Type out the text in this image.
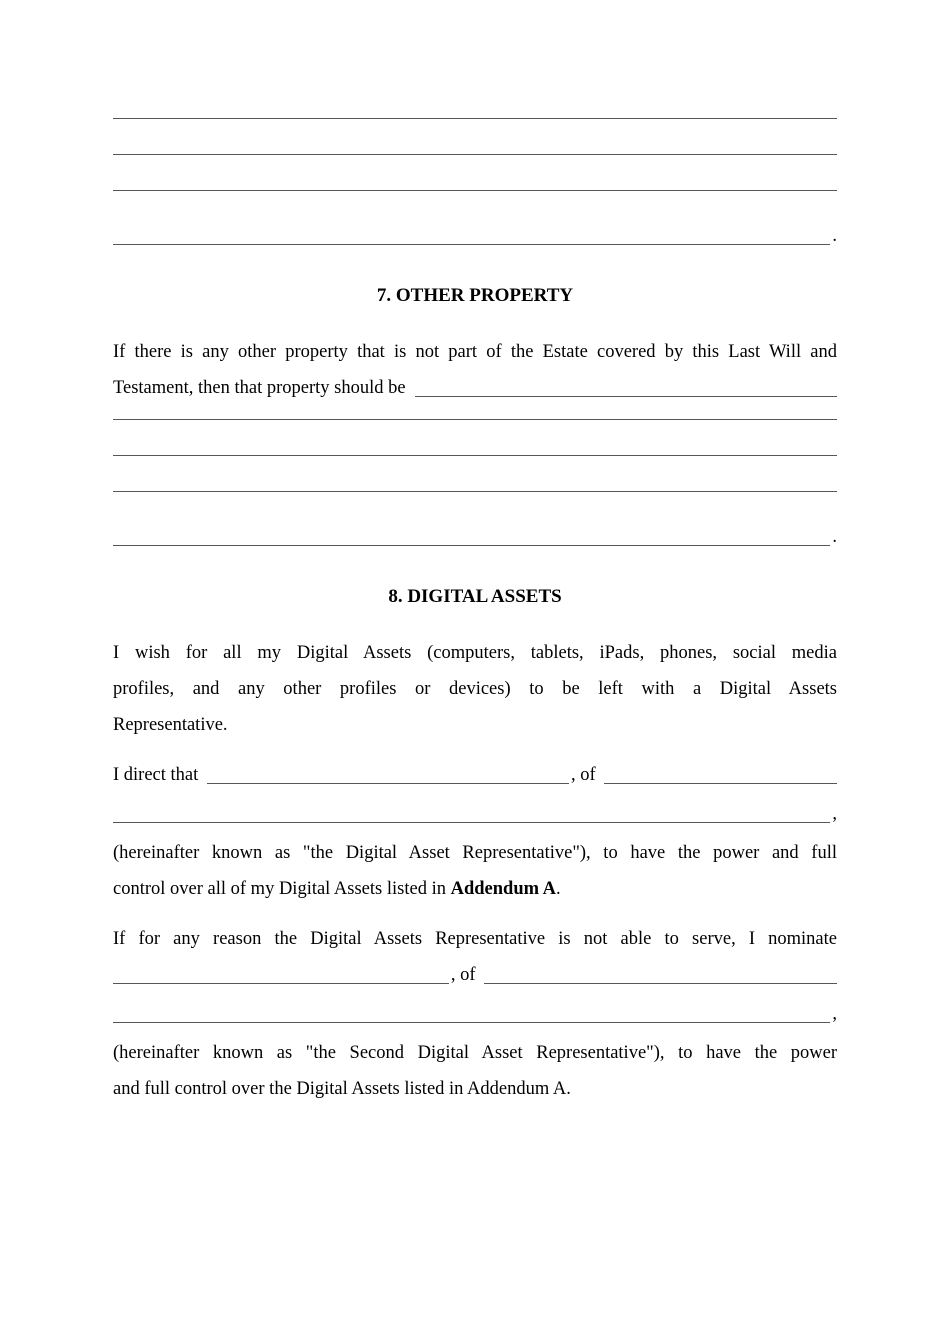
.
7. OTHER PROPERTY
If there is any other property that is not part of the Estate covered by this Last Will and
Testament, then that property should be
.
8. DIGITAL ASSETS
I wish for all my Digital Assets (computers, tablets, iPads, phones, social media
profiles, and any other profiles or devices) to be left with a Digital Assets
Representative.
I direct that	, of
,
(hereinafter known as "the Digital Asset Representative"), to have the power and full
control over all of my Digital Assets listed in Addendum A.
If for any reason the Digital Assets Representative is not able to serve, I nominate
, of
,
(hereinafter known as "the Second Digital Asset Representative"), to have the power
and full control over the Digital Assets listed in Addendum A.
